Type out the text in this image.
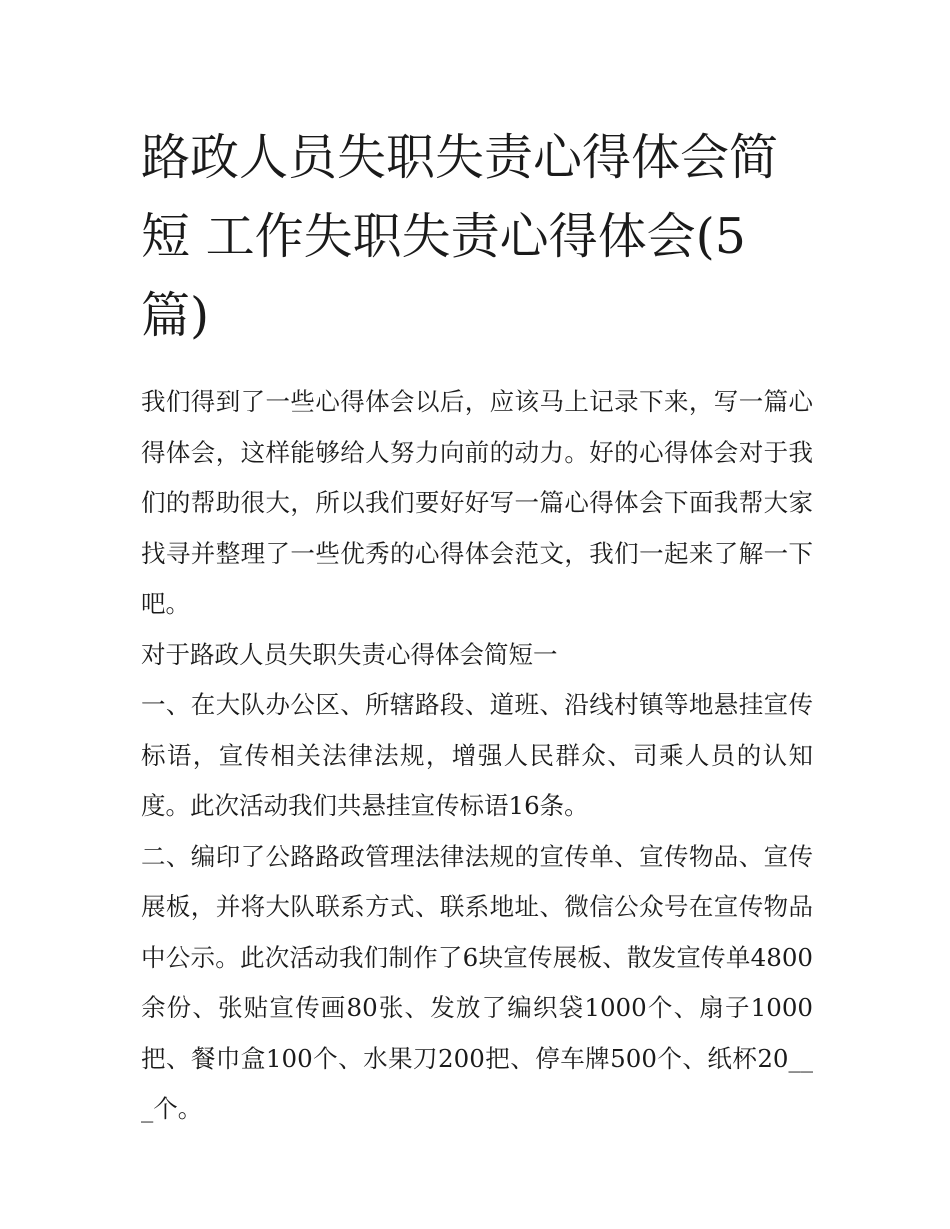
路政人员失职失责心得体会简短 工作失职失责心得体会(5篇)

我们得到了一些心得体会以后，应该马上记录下来，写一篇心得体会，这样能够给人努力向前的动力。好的心得体会对于我们的帮助很大，所以我们要好好写一篇心得体会下面我帮大家找寻并整理了一些优秀的心得体会范文，我们一起来了解一下吧。

对于路政人员失职失责心得体会简短一

一、在大队办公区、所辖路段、道班、沿线村镇等地悬挂宣传标语，宣传相关法律法规，增强人民群众、司乘人员的认知度。此次活动我们共悬挂宣传标语16条。

二、编印了公路路政管理法律法规的宣传单、宣传物品、宣传展板，并将大队联系方式、联系地址、微信公众号在宣传物品中公示。此次活动我们制作了6块宣传展板、散发宣传单4800余份、张贴宣传画80张、发放了编织袋1000个、扇子1000把、餐巾盒100个、水果刀200把、停车牌500个、纸杯20___个。
